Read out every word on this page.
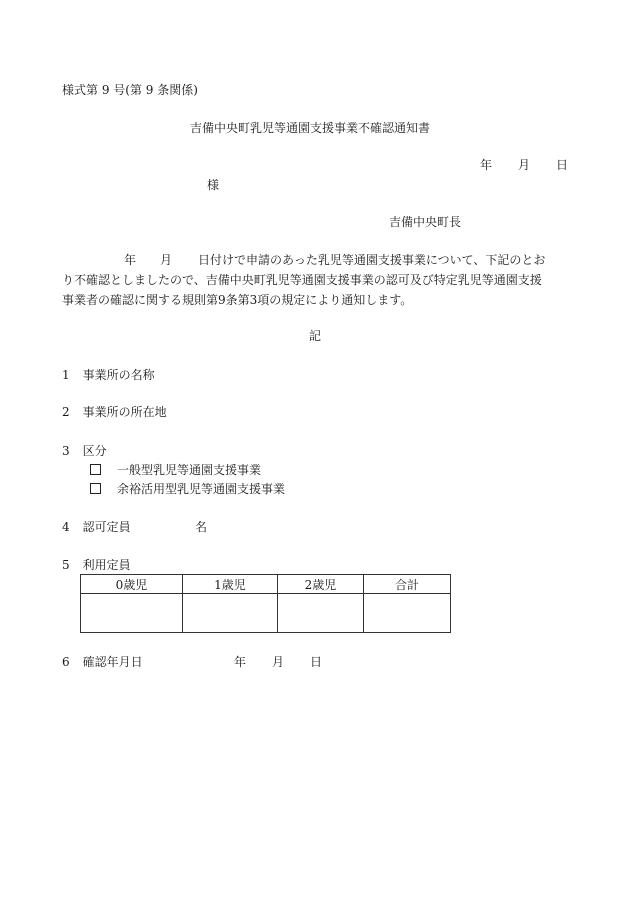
様式第 9 号(第 9 条関係)
吉備中央町乳児等通園支援事業不確認通知書
年 月 日
様
吉備中央町長
年 月 日付けで申請のあった乳児等通園支援事業について、下記のとお
り不確認としましたので、吉備中央町乳児等通園支援事業の認可及び特定乳児等通園支援
事業者の確認に関する規則第9条第3項の規定により通知します。
記
1 事業所の名称
2 事業所の所在地
3 区分
一般型乳児等通園支援事業
余裕活用型乳児等通園支援事業
4 認可定員	名
5 利用定員
0歳児	1歳児	2歳児	合計

6 確認年月日	年 月 日
